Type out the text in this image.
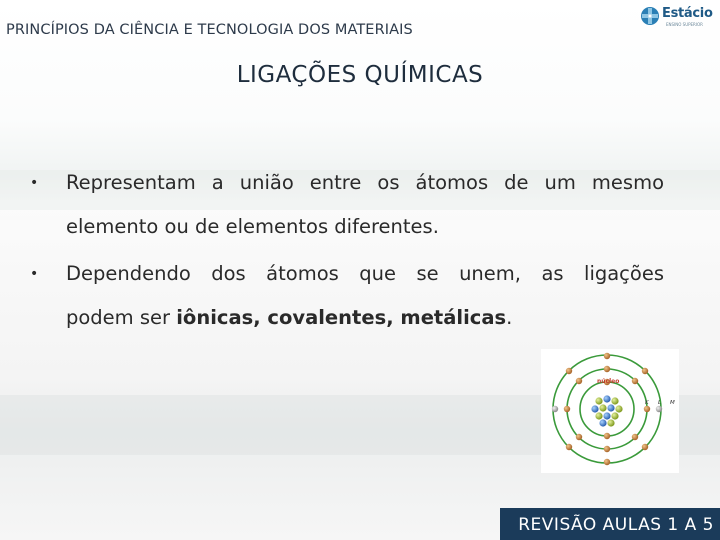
PRINCÍPIOS DA CIÊNCIA E TECNOLOGIA DOS MATERIAIS
Estácio
ENSINO SUPERIOR
LIGAÇÕES QUÍMICAS
•	Representam a união entre os átomos de um mesmo
elemento ou de elementos diferentes.
•	Dependendo dos átomos que se unem, as ligações
podem ser iônicas, covalentes, metálicas.
núcleo
K L M
REVISÃO AULAS 1 A 5
